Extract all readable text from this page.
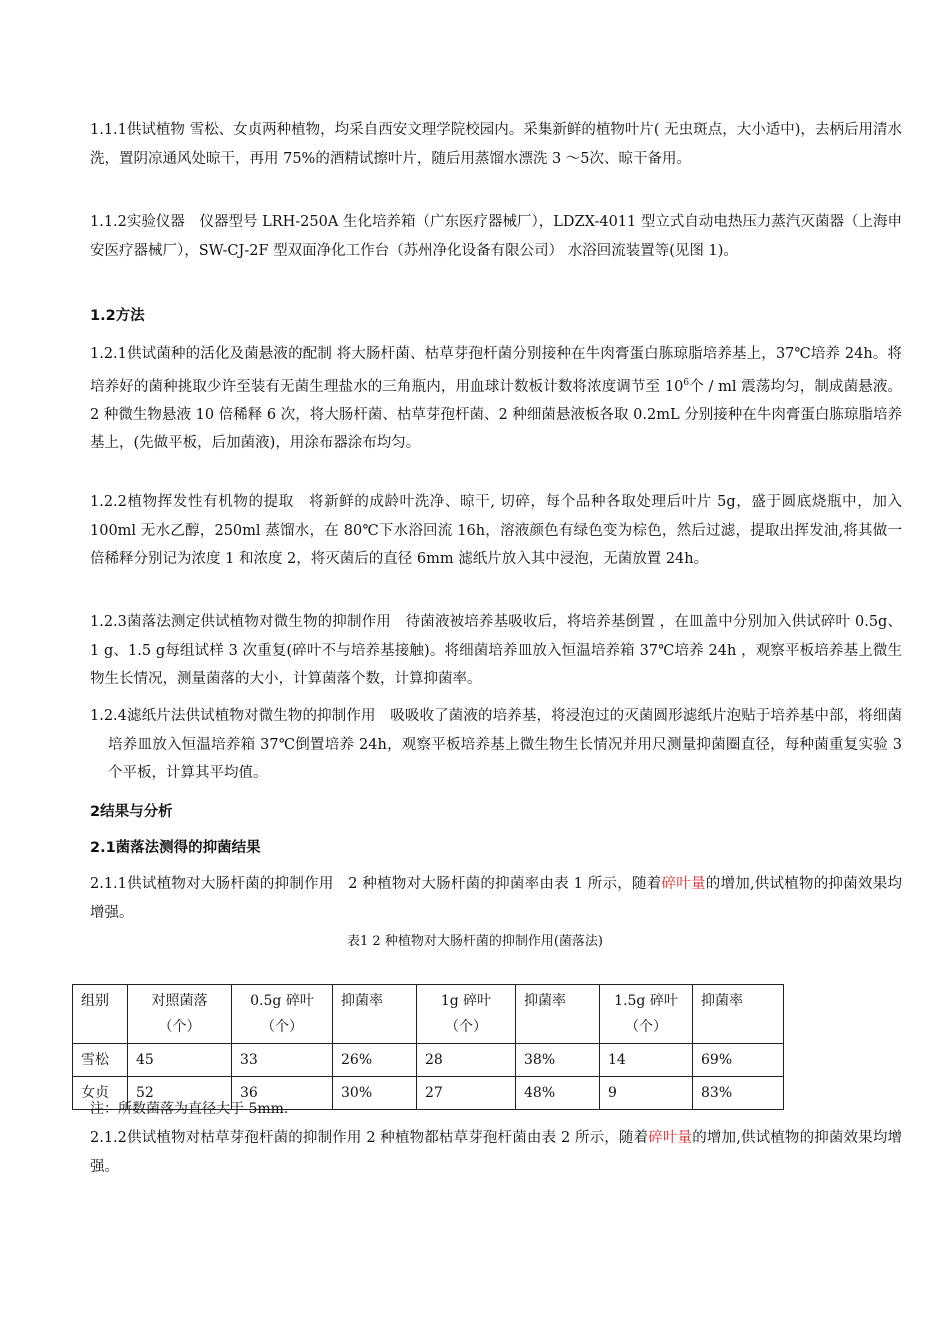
1.1.1供试植物 雪松、女贞两种植物，均采自西安文理学院校园内。采集新鲜的植物叶片( 无虫斑点，大小适中)，去柄后用清水洗，置阴凉通风处晾干，再用 75%的酒精试擦叶片，随后用蒸馏水漂洗 3 ～5次、晾干备用。
1.1.2实验仪器　仪器型号 LRH-250A 生化培养箱（广东医疗器械厂），LDZX-4011 型立式自动电热压力蒸汽灭菌器（上海申安医疗器械厂），SW-CJ-2F 型双面净化工作台（苏州净化设备有限公司） 水浴回流装置等(见图 1)。
1.2方法
1.2.1供试菌种的活化及菌悬液的配制 将大肠杆菌、枯草芽孢杆菌分别接种在牛肉膏蛋白胨琼脂培养基上，37℃培养 24h。将培养好的菌种挑取少许至装有无菌生理盐水的三角瓶内，用血球计数板计数将浓度调节至 $10^6$个 / ml 震荡均匀，制成菌悬液。2 种微生物悬液 10 倍稀释 6 次，将大肠杆菌、枯草芽孢杆菌、2 种细菌悬液板各取 0.2mL 分别接种在牛肉膏蛋白胨琼脂培养基上，(先做平板，后加菌液)，用涂布器涂布均匀。
1.2.2植物挥发性有机物的提取　将新鲜的成龄叶洗净、晾干, 切碎，每个品种各取处理后叶片 5g，盛于圆底烧瓶中，加入 100ml 无水乙醇，250ml 蒸馏水，在 80℃下水浴回流 16h，溶液颜色有绿色变为棕色，然后过滤，提取出挥发油,将其做一倍稀释分别记为浓度 1 和浓度 2，将灭菌后的直径 6mm 滤纸片放入其中浸泡，无菌放置 24h。
1.2.3菌落法测定供试植物对微生物的抑制作用　待菌液被培养基吸收后，将培养基倒置 ，在皿盖中分别加入供试碎叶 0.5g、1 g、1.5 g每组试样 3 次重复(碎叶不与培养基接触)。将细菌培养皿放入恒温培养箱 37℃培养 24h ，观察平板培养基上微生物生长情况，测量菌落的大小，计算菌落个数，计算抑菌率。
1.2.4滤纸片法供试植物对微生物的抑制作用　吸吸收了菌液的培养基，将浸泡过的灭菌圆形滤纸片泡贴于培养基中部，将细菌培养皿放入恒温培养箱 37℃倒置培养 24h，观察平板培养基上微生物生长情况并用尺测量抑菌圈直径，每种菌重复实验 3 个平板，计算其平均值。
2结果与分析
2.1菌落法测得的抑菌结果
2.1.1供试植物对大肠杆菌的抑制作用　2 种植物对大肠杆菌的抑菌率由表 1 所示，随着碎叶量的增加,供试植物的抑菌效果均增强。
表1 2 种植物对大肠杆菌的抑制作用(菌落法)
组别	对照菌落（个）	0.5g 碎叶（个）	抑菌率	1g 碎叶（个）	抑菌率	1.5g 碎叶（个）	抑菌率
雪松	45	33	26%	28	38%	14	69%
女贞	52	36	30%	27	48%	9	83%
注：所数菌落为直径大于 5mm.
2.1.2供试植物对枯草芽孢杆菌的抑制作用 2 种植物都枯草芽孢杆菌由表 2 所示，随着碎叶量的增加,供试植物的抑菌效果均增强。
